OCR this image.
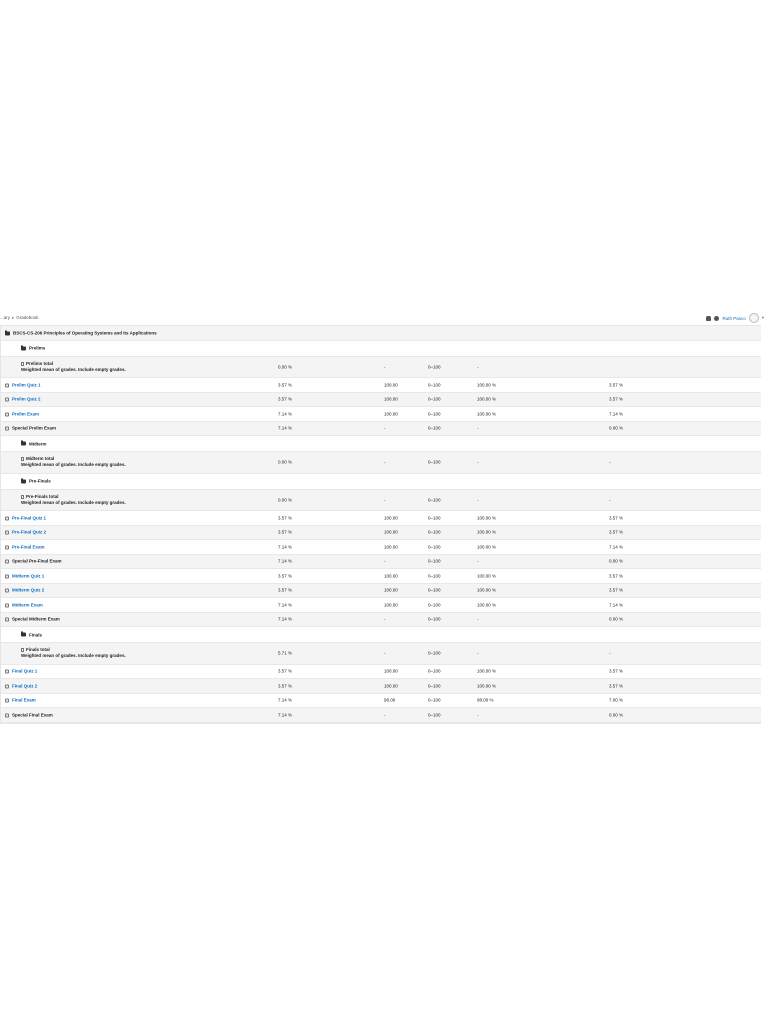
...ary ▸ Gradebook	Ruth Pasco	▾
BSCS-CS-206 Principles of Operating Systems and Its Applications
Prelims
Prelims total
Weighted mean of grades. Include empty grades.	0.00 %	-	0–100	-
Prelim Quiz 1	3.57 %	100.00	0–100	100.00 %	3.57 %
Prelim Quiz 2	3.57 %	100.00	0–100	100.00 %	3.57 %
Prelim Exam	7.14 %	100.00	0–100	100.00 %	7.14 %
Special Prelim Exam	7.14 %	-	0–100	-	0.00 %
Midterm
Midterm total
Weighted mean of grades. Include empty grades.	0.00 %	-	0–100	-	-
Pre-Finals
Pre-Finals total
Weighted mean of grades. Include empty grades.	0.00 %	-	0–100	-	-
Pre-Final Quiz 1	3.57 %	100.00	0–100	100.00 %	3.57 %
Pre-Final Quiz 2	3.57 %	100.00	0–100	100.00 %	3.57 %
Pre-Final Exam	7.14 %	100.00	0–100	100.00 %	7.14 %
Special Pre-Final Exam	7.14 %	-	0–100	-	0.00 %
Midterm Quiz 1	3.57 %	100.00	0–100	100.00 %	3.57 %
Midterm Quiz 2	3.57 %	100.00	0–100	100.00 %	3.57 %
Midterm Exam	7.14 %	100.00	0–100	100.00 %	7.14 %
Special Midterm Exam	7.14 %	-	0–100	-	0.00 %
Finals
Finals total
Weighted mean of grades. Include empty grades.	5.71 %	-	0–100	-	-
Final Quiz 1	3.57 %	100.00	0–100	100.00 %	3.57 %
Final Quiz 2	3.57 %	100.00	0–100	100.00 %	3.57 %
Final Exam	7.14 %	98.00	0–100	98.00 %	7.00 %
Special Final Exam	7.14 %	-	0–100	-	0.00 %
